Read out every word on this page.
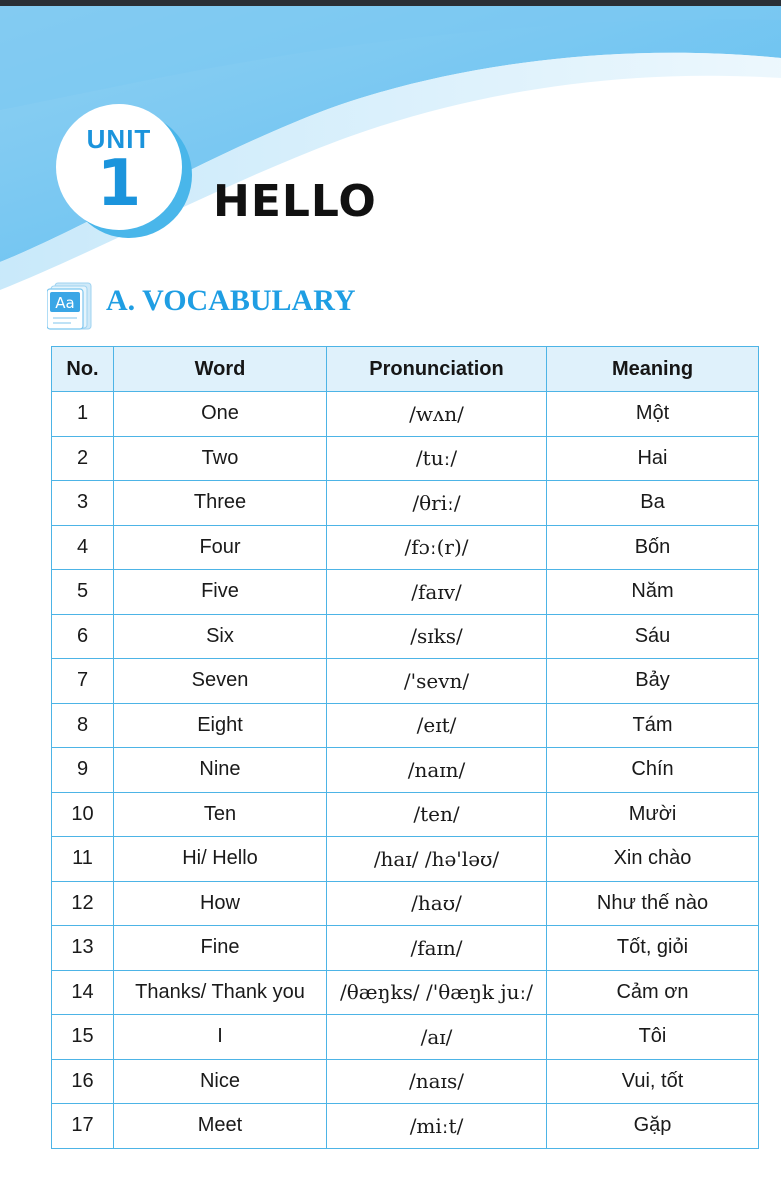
UNIT
1	HELLO
Aa A. VOCABULARY
No.	Word	Pronunciation	Meaning
1	One	/wʌn/	Một
2	Two	/tuː/	Hai
3	Three	/θriː/	Ba
4	Four	/fɔː(r)/	Bốn
5	Five	/faɪv/	Năm
6	Six	/sɪks/	Sáu
7	Seven	/'sevn/	Bảy
8	Eight	/eɪt/	Tám
9	Nine	/naɪn/	Chín
10	Ten	/ten/	Mười
11	Hi/ Hello	/haɪ/ /hə'ləʊ/	Xin chào
12	How	/haʊ/	Như thế nào
13	Fine	/faɪn/	Tốt, giỏi
14	Thanks/ Thank you	/θæŋks/ /'θæŋk juː/	Cảm ơn
15	I	/aɪ/	Tôi
16	Nice	/naɪs/	Vui, tốt
17	Meet	/miːt/	Gặp
